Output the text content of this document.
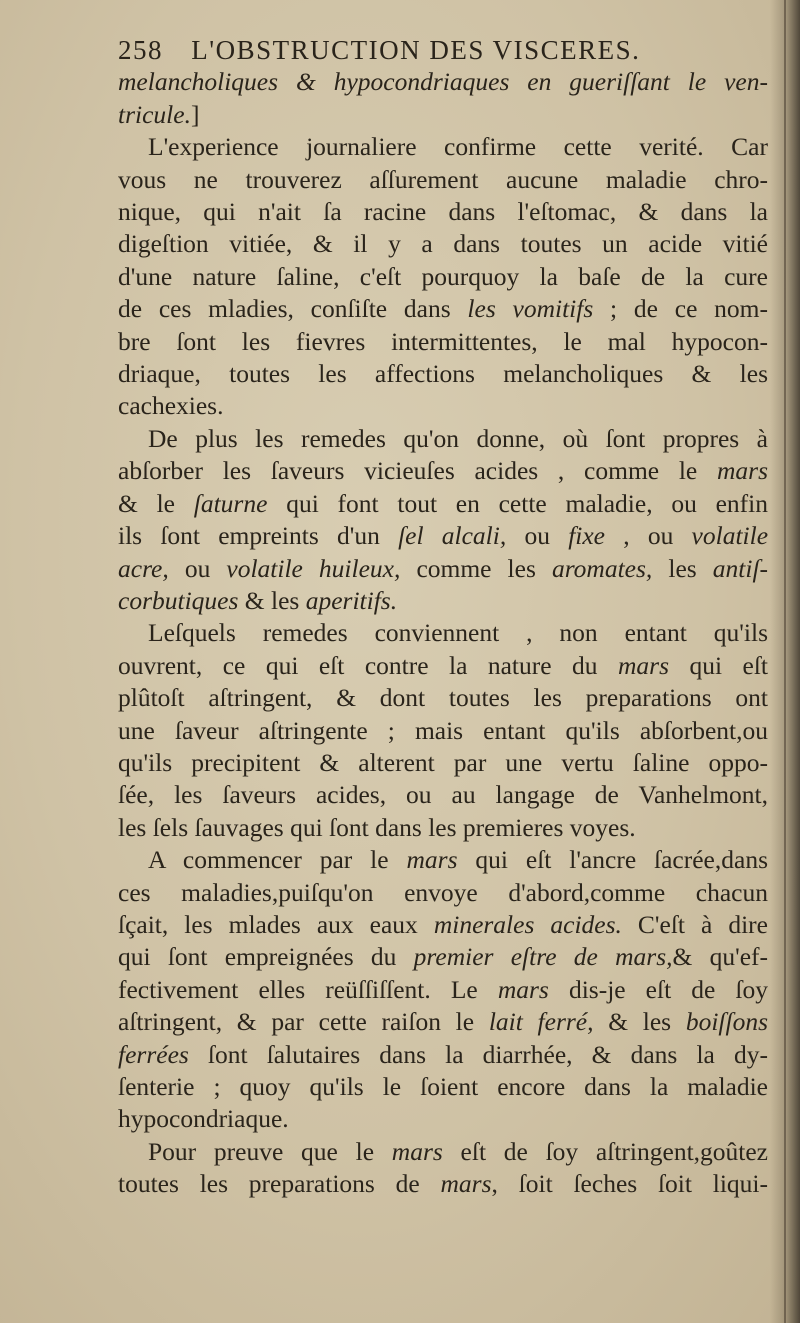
258 L'OBSTRUCTION DES VISCERES.
melancholiques & hypocondriaques en gueriſſant le ven-
tricule.]
L'experience journaliere confirme cette verité. Car
vous ne trouverez aſſurement aucune maladie chro-
nique, qui n'ait ſa racine dans l'eſtomac, & dans la
digeſtion vitiée, & il y a dans toutes un acide vitié
d'une nature ſaline, c'eſt pourquoy la baſe de la cure
de ces mladies, conſiſte dans les vomitifs ; de ce nom-
bre ſont les fievres intermittentes, le mal hypocon-
driaque, toutes les affections melancholiques & les
cachexies.
De plus les remedes qu'on donne, où ſont propres à
abſorber les ſaveurs vicieuſes acides , comme le mars
& le ſaturne qui font tout en cette maladie, ou enfin
ils ſont empreints d'un ſel alcali, ou fixe , ou volatile
acre, ou volatile huileux, comme les aromates, les antiſ-
corbutiques & les aperitifs.
Leſquels remedes conviennent , non entant qu'ils
ouvrent, ce qui eſt contre la nature du mars qui eſt
plûtoſt aſtringent, & dont toutes les preparations ont
une ſaveur aſtringente ; mais entant qu'ils abſorbent,ou
qu'ils precipitent & alterent par une vertu ſaline oppo-
ſée, les ſaveurs acides, ou au langage de Vanhelmont,
les ſels ſauvages qui ſont dans les premieres voyes.
A commencer par le mars qui eſt l'ancre ſacrée,dans
ces maladies,puiſqu'on envoye d'abord,comme chacun
ſçait, les mlades aux eaux minerales acides. C'eſt à dire
qui ſont empreignées du premier eſtre de mars,& qu'ef-
fectivement elles reüſſiſſent. Le mars dis-je eſt de ſoy
aſtringent, & par cette raiſon le lait ferré, & les boiſſons
ferrées ſont ſalutaires dans la diarrhée, & dans la dy-
ſenterie ; quoy qu'ils le ſoient encore dans la maladie
hypocondriaque.
Pour preuve que le mars eſt de ſoy aſtringent,goûtez
toutes les preparations de mars, ſoit ſeches ſoit liqui-
